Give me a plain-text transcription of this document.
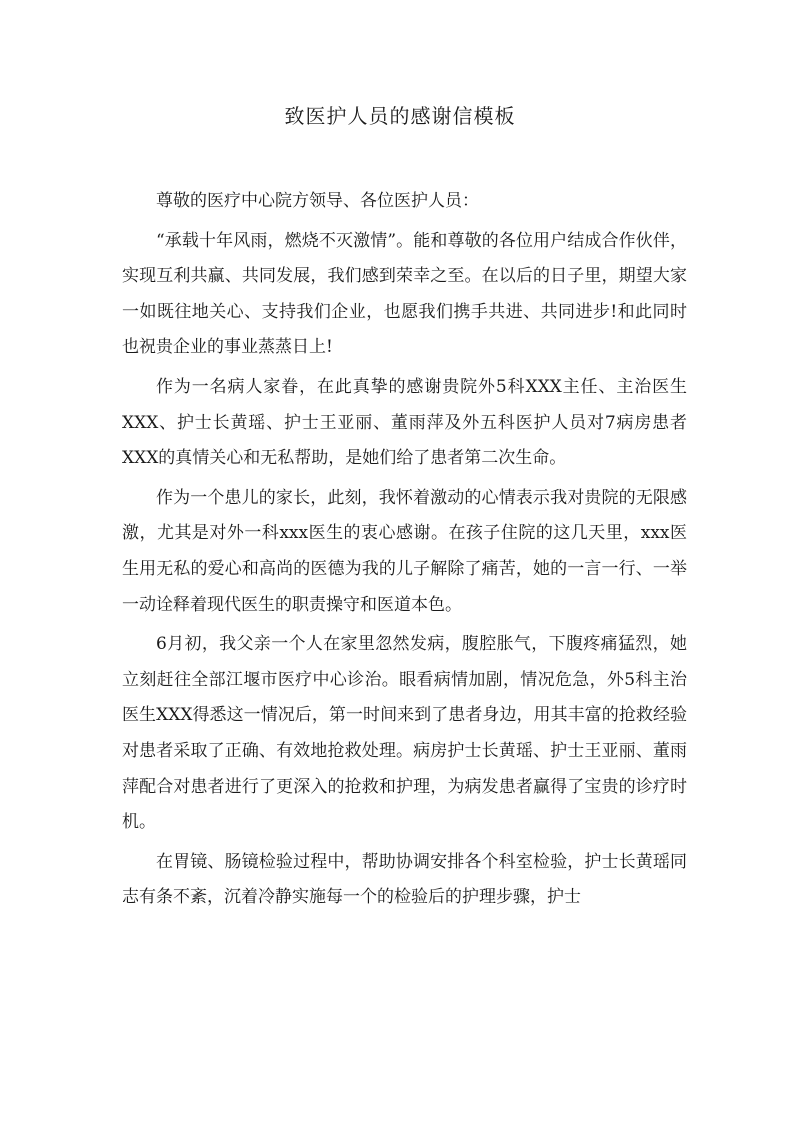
致医护人员的感谢信模板

尊敬的医疗中心院方领导、各位医护人员：

“承载十年风雨，燃烧不灭激情”。能和尊敬的各位用户结成合作伙伴，实现互利共赢、共同发展，我们感到荣幸之至。在以后的日子里，期望大家一如既往地关心、支持我们企业，也愿我们携手共进、共同进步!和此同时也祝贵企业的事业蒸蒸日上!

作为一名病人家眷，在此真挚的感谢贵院外5科XXX主任、主治医生XXX、护士长黄瑶、护士王亚丽、董雨萍及外五科医护人员对7病房患者XXX的真情关心和无私帮助，是她们给了患者第二次生命。

作为一个患儿的家长，此刻，我怀着激动的心情表示我对贵院的无限感激，尤其是对外一科xxx医生的衷心感谢。在孩子住院的这几天里，xxx医生用无私的爱心和高尚的医德为我的儿子解除了痛苦，她的一言一行、一举一动诠释着现代医生的职责操守和医道本色。

6月初，我父亲一个人在家里忽然发病，腹腔胀气，下腹疼痛猛烈，她立刻赶往全部江堰市医疗中心诊治。眼看病情加剧，情况危急，外5科主治医生XXX得悉这一情况后，第一时间来到了患者身边，用其丰富的抢救经验对患者采取了正确、有效地抢救处理。病房护士长黄瑶、护士王亚丽、董雨萍配合对患者进行了更深入的抢救和护理，为病发患者赢得了宝贵的诊疗时机。

在胃镜、肠镜检验过程中，帮助协调安排各个科室检验，护士长黄瑶同志有条不紊，沉着冷静实施每一个的检验后的护理步骤，护士
